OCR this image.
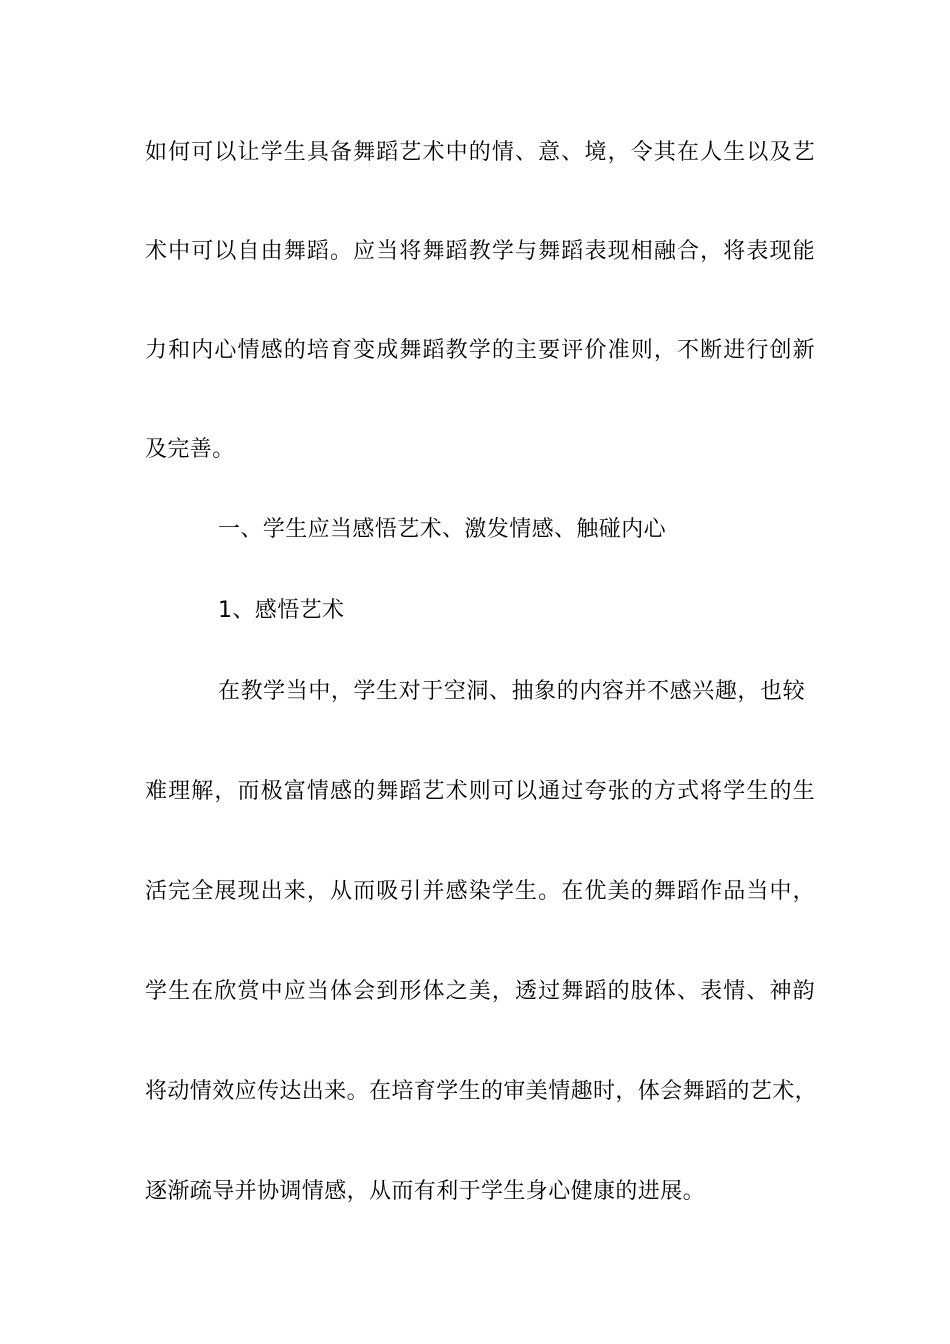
如何可以让学生具备舞蹈艺术中的情、意、境，令其在人生以及艺
术中可以自由舞蹈。应当将舞蹈教学与舞蹈表现相融合，将表现能
力和内心情感的培育变成舞蹈教学的主要评价准则，不断进行创新
及完善。
一、学生应当感悟艺术、激发情感、触碰内心
1、感悟艺术
在教学当中，学生对于空洞、抽象的内容并不感兴趣，也较
难理解，而极富情感的舞蹈艺术则可以通过夸张的方式将学生的生
活完全展现出来，从而吸引并感染学生。在优美的舞蹈作品当中，
学生在欣赏中应当体会到形体之美，透过舞蹈的肢体、表情、神韵
将动情效应传达出来。在培育学生的审美情趣时，体会舞蹈的艺术，
逐渐疏导并协调情感，从而有利于学生身心健康的进展。
